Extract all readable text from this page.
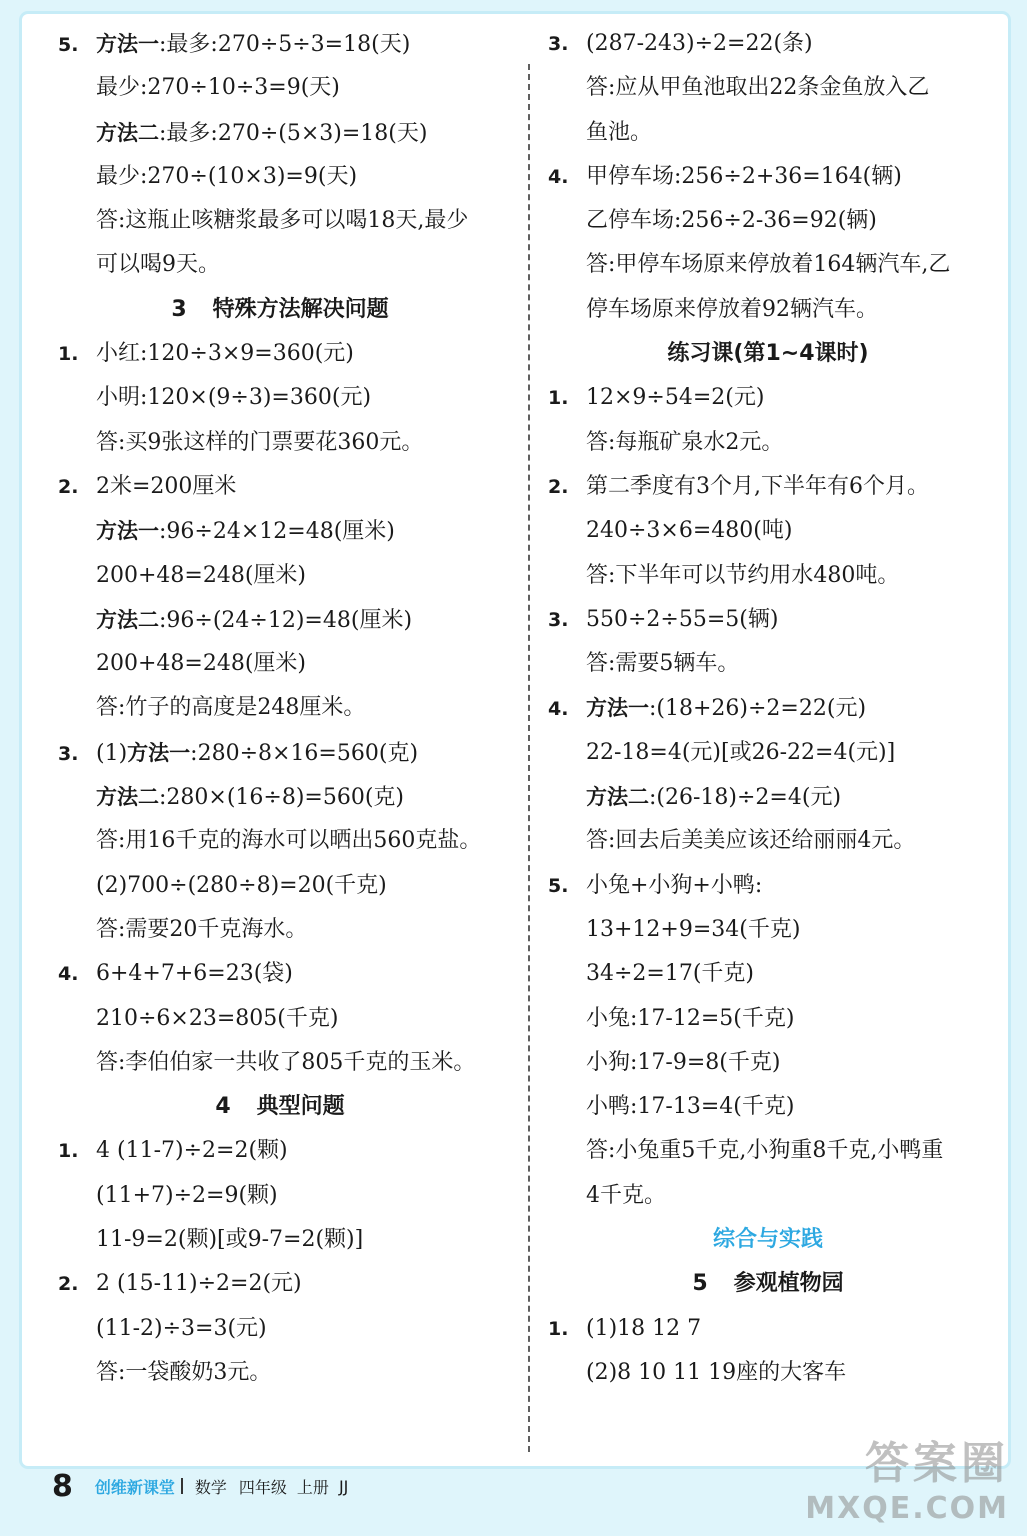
5. 方法一:最多:270÷5÷3=18(天)

最少:270÷10÷3=9(天)

方法二:最多:270÷(5×3)=18(天)

最少:270÷(10×3)=9(天)

答:这瓶止咳糖浆最多可以喝18天,最少

可以喝9天。

3 特殊方法解决问题

1. 小红:120÷3×9=360(元)

小明:120×(9÷3)=360(元)

答:买9张这样的门票要花360元。

2. 2米=200厘米

方法一:96÷24×12=48(厘米)

200+48=248(厘米)

方法二:96÷(24÷12)=48(厘米)

200+48=248(厘米)

答:竹子的高度是248厘米。

3. (1)方法一:280÷8×16=560(克)

方法二:280×(16÷8)=560(克)

答:用16千克的海水可以晒出560克盐。

(2)700÷(280÷8)=20(千克)

答:需要20千克海水。

4. 6+4+7+6=23(袋)

210÷6×23=805(千克)

答:李伯伯家一共收了805千克的玉米。

4 典型问题

1. 4 (11-7)÷2=2(颗)

(11+7)÷2=9(颗)

11-9=2(颗)[或9-7=2(颗)]

2. 2 (15-11)÷2=2(元)

(11-2)÷3=3(元)

答:一袋酸奶3元。

3. (287-243)÷2=22(条)

答:应从甲鱼池取出22条金鱼放入乙

鱼池。

4. 甲停车场:256÷2+36=164(辆)

乙停车场:256÷2-36=92(辆)

答:甲停车场原来停放着164辆汽车,乙

停车场原来停放着92辆汽车。

练习课(第1~4课时)

1. 12×9÷54=2(元)

答:每瓶矿泉水2元。

2. 第二季度有3个月,下半年有6个月。

240÷3×6=480(吨)

答:下半年可以节约用水480吨。

3. 550÷2÷55=5(辆)

答:需要5辆车。

4. 方法一:(18+26)÷2=22(元)

22-18=4(元)[或26-22=4(元)]

方法二:(26-18)÷2=4(元)

答:回去后美美应该还给丽丽4元。

5. 小兔+小狗+小鸭:

13+12+9=34(千克)

34÷2=17(千克)

小兔:17-12=5(千克)

小狗:17-9=8(千克)

小鸭:17-13=4(千克)

答:小兔重5千克,小狗重8千克,小鸭重

4千克。

综合与实践
5 参观植物园

1. (1)18 12 7

(2)8 10 11 19座的大客车

8 创维新课堂 数学 四年级 上册 JJ	答案圈
MXQE.COM
